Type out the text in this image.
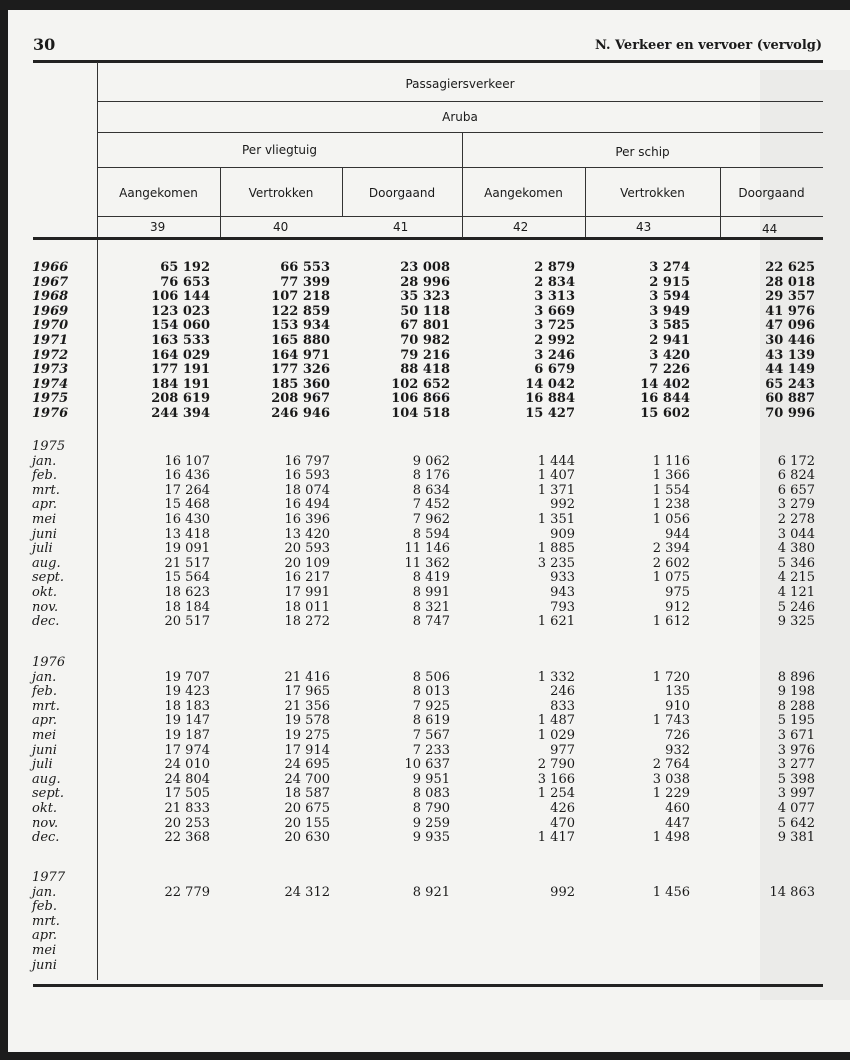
30	N. Verkeer en vervoer (vervolg)
Passagiersverkeer
Aruba
Per vliegtuig	Per schip
Aangekomen	Vertrokken	Doorgaand	Aangekomen	Vertrokken	Doorgaand
39	40	41	42	43	44
1966	65 192	66 553	23 008	2 879	3 274	22 625
1967	76 653	77 399	28 996	2 834	2 915	28 018
1968	106 144	107 218	35 323	3 313	3 594	29 357
1969	123 023	122 859	50 118	3 669	3 949	41 976
1970	154 060	153 934	67 801	3 725	3 585	47 096
1971	163 533	165 880	70 982	2 992	2 941	30 446
1972	164 029	164 971	79 216	3 246	3 420	43 139
1973	177 191	177 326	88 418	6 679	7 226	44 149
1974	184 191	185 360	102 652	14 042	14 402	65 243
1975	208 619	208 967	106 866	16 884	16 844	60 887
1976	244 394	246 946	104 518	15 427	15 602	70 996
1975
jan.	16 107	16 797	9 062	1 444	1 116	6 172
feb.	16 436	16 593	8 176	1 407	1 366	6 824
mrt.	17 264	18 074	8 634	1 371	1 554	6 657
apr.	15 468	16 494	7 452	992	1 238	3 279
mei	16 430	16 396	7 962	1 351	1 056	2 278
juni	13 418	13 420	8 594	909	944	3 044
juli	19 091	20 593	11 146	1 885	2 394	4 380
aug.	21 517	20 109	11 362	3 235	2 602	5 346
sept.	15 564	16 217	8 419	933	1 075	4 215
okt.	18 623	17 991	8 991	943	975	4 121
nov.	18 184	18 011	8 321	793	912	5 246
dec.	20 517	18 272	8 747	1 621	1 612	9 325
1976
jan.	19 707	21 416	8 506	1 332	1 720	8 896
feb.	19 423	17 965	8 013	246	135	9 198
mrt.	18 183	21 356	7 925	833	910	8 288
apr.	19 147	19 578	8 619	1 487	1 743	5 195
mei	19 187	19 275	7 567	1 029	726	3 671
juni	17 974	17 914	7 233	977	932	3 976
juli	24 010	24 695	10 637	2 790	2 764	3 277
aug.	24 804	24 700	9 951	3 166	3 038	5 398
sept.	17 505	18 587	8 083	1 254	1 229	3 997
okt.	21 833	20 675	8 790	426	460	4 077
nov.	20 253	20 155	9 259	470	447	5 642
dec.	22 368	20 630	9 935	1 417	1 498	9 381
1977
jan.	22 779	24 312	8 921	992	1 456	14 863
feb.
mrt.
apr.
mei
juni
